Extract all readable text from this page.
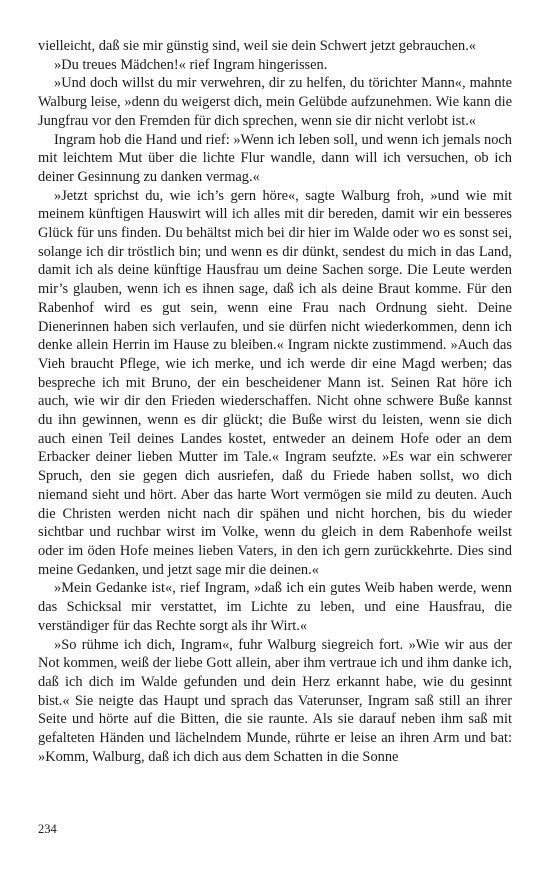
vielleicht, daß sie mir günstig sind, weil sie dein Schwert jetzt gebrauchen.«

»Du treues Mädchen!« rief Ingram hingerissen.

»Und doch willst du mir verwehren, dir zu helfen, du törichter Mann«, mahnte Walburg leise, »denn du weigerst dich, mein Gelübde aufzunehmen. Wie kann die Jungfrau vor den Fremden für dich sprechen, wenn sie dir nicht verlobt ist.«

Ingram hob die Hand und rief: »Wenn ich leben soll, und wenn ich jemals noch mit leichtem Mut über die lichte Flur wandle, dann will ich versuchen, ob ich deiner Gesinnung zu danken vermag.«

»Jetzt sprichst du, wie ich’s gern höre«, sagte Walburg froh, »und wie mit meinem künftigen Hauswirt will ich alles mit dir bereden, damit wir ein besseres Glück für uns finden. Du behältst mich bei dir hier im Walde oder wo es sonst sei, solange ich dir tröstlich bin; und wenn es dir dünkt, sendest du mich in das Land, damit ich als deine künftige Hausfrau um deine Sachen sorge. Die Leute werden mir’s glauben, wenn ich es ihnen sage, daß ich als deine Braut komme. Für den Rabenhof wird es gut sein, wenn eine Frau nach Ordnung sieht. Deine Dienerinnen haben sich verlaufen, und sie dürfen nicht wiederkommen, denn ich denke allein Herrin im Hause zu bleiben.« Ingram nickte zustimmend. »Auch das Vieh braucht Pflege, wie ich merke, und ich werde dir eine Magd werben; das bespreche ich mit Bruno, der ein bescheidener Mann ist. Seinen Rat höre ich auch, wie wir dir den Frieden wiederschaffen. Nicht ohne schwere Buße kannst du ihn gewinnen, wenn es dir glückt; die Buße wirst du leisten, wenn sie dich auch einen Teil deines Landes kostet, entweder an deinem Hofe oder an dem Erbacker deiner lieben Mutter im Tale.« Ingram seufzte. »Es war ein schwerer Spruch, den sie gegen dich ausriefen, daß du Friede haben sollst, wo dich niemand sieht und hört. Aber das harte Wort vermögen sie mild zu deuten. Auch die Christen werden nicht nach dir spähen und nicht horchen, bis du wieder sichtbar und ruchbar wirst im Volke, wenn du gleich in dem Rabenhofe weilst oder im öden Hofe meines lieben Vaters, in den ich gern zurückkehrte. Dies sind meine Gedanken, und jetzt sage mir die deinen.«

»Mein Gedanke ist«, rief Ingram, »daß ich ein gutes Weib haben werde, wenn das Schicksal mir verstattet, im Lichte zu leben, und eine Hausfrau, die verständiger für das Rechte sorgt als ihr Wirt.«

»So rühme ich dich, Ingram«, fuhr Walburg siegreich fort. »Wie wir aus der Not kommen, weiß der liebe Gott allein, aber ihm vertraue ich und ihm danke ich, daß ich dich im Walde gefunden und dein Herz erkannt habe, wie du gesinnt bist.« Sie neigte das Haupt und sprach das Vaterunser, Ingram saß still an ihrer Seite und hörte auf die Bitten, die sie raunte. Als sie darauf neben ihm saß mit gefalteten Händen und lächelndem Munde, rührte er leise an ihren Arm und bat: »Komm, Walburg, daß ich dich aus dem Schatten in die Sonne

234
